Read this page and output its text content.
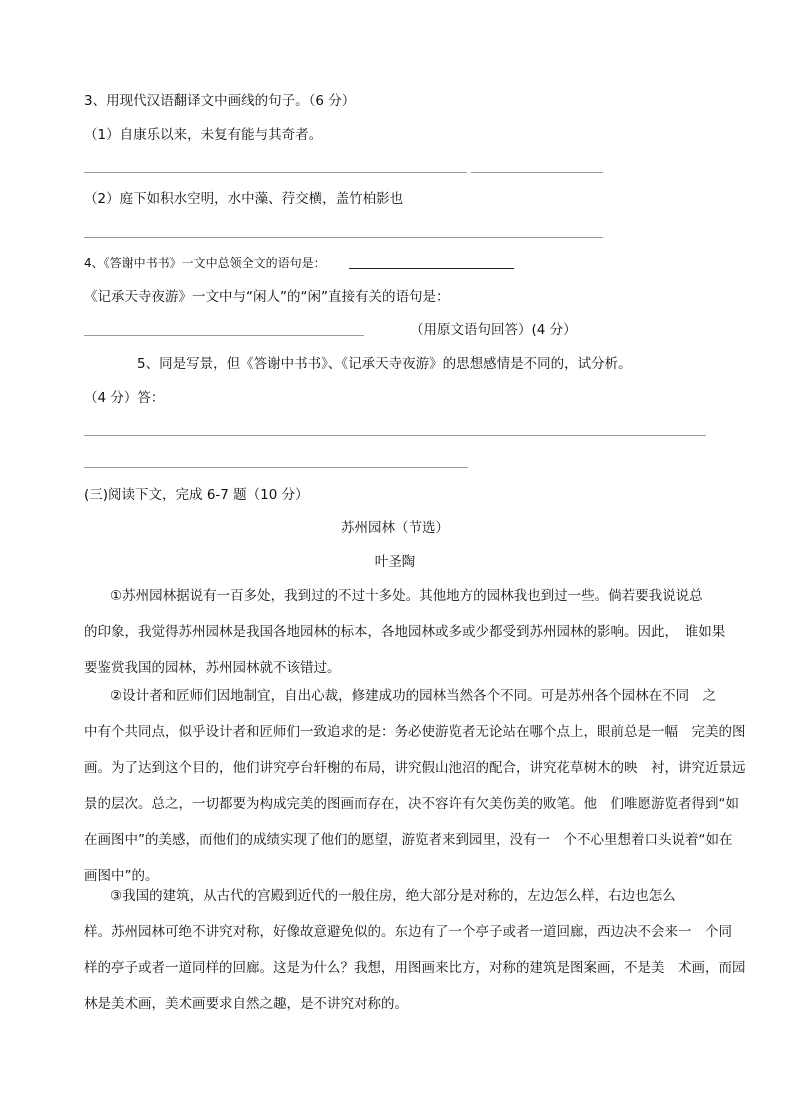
3、用现代汉语翻译文中画线的句子。（6 分）
（1）自康乐以来，未复有能与其奇者。
（2）庭下如积水空明，水中藻、荇交横，盖竹柏影也
4、《答谢中书书》一文中总领全文的语句是：
《记承天寺夜游》一文中与“闲人”的“闲”直接有关的语句是：
（用原文语句回答）(4 分）
5、同是写景，但《答谢中书书》、《记承天寺夜游》的思想感情是不同的，试分析。
（4 分）答：
(三)阅读下文，完成 6-7 题（10 分）
苏州园林（节选）
叶圣陶
①苏州园林据说有一百多处，我到过的不过十多处。其他地方的园林我也到过一些。倘若要我说说总
的印象，我觉得苏州园林是我国各地园林的标本，各地园林或多或少都受到苏州园林的影响。因此，　谁如果
要鉴赏我国的园林，苏州园林就不该错过。
②设计者和匠师们因地制宜，自出心裁，修建成功的园林当然各个不同。可是苏州各个园林在不同　之
中有个共同点，似乎设计者和匠师们一致追求的是：务必使游览者无论站在哪个点上，眼前总是一幅　完美的图
画。为了达到这个目的，他们讲究亭台轩榭的布局，讲究假山池沼的配合，讲究花草树木的映　衬，讲究近景远
景的层次。总之，一切都要为构成完美的图画而存在，决不容许有欠美伤美的败笔。他　们唯愿游览者得到“如
在画图中”的美感，而他们的成绩实现了他们的愿望，游览者来到园里，没有一　个不心里想着口头说着“如在
画图中”的。
③我国的建筑，从古代的宫殿到近代的一般住房，绝大部分是对称的，左边怎么样，右边也怎么
样。苏州园林可绝不讲究对称，好像故意避免似的。东边有了一个亭子或者一道回廊，西边决不会来一　个同
样的亭子或者一道同样的回廊。这是为什么？我想，用图画来比方，对称的建筑是图案画，不是美　术画，而园
林是美术画，美术画要求自然之趣，是不讲究对称的。
